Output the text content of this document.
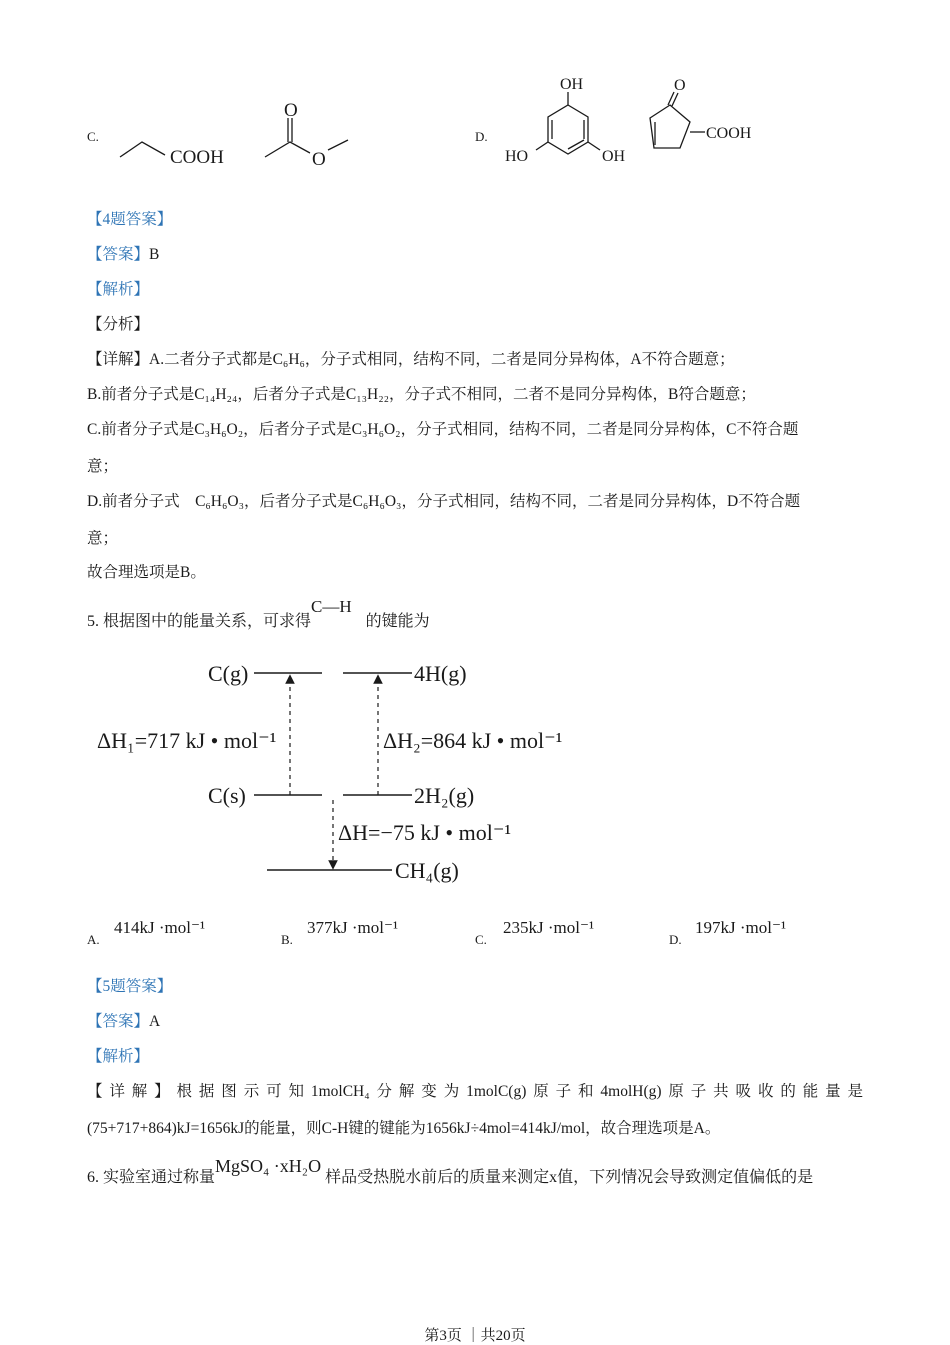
C.
COOH
O
O
D.
OH
HO	OH
O
COOH
【4题答案】
【答案】B
【解析】
【分析】
【详解】A.二者分子式都是C₆H₆，分子式相同，结构不同，二者是同分异构体，A不符合题意；
B.前者分子式是C₁₄H₂₄，后者分子式是C₁₃H₂₂，分子式不相同，二者不是同分异构体，B符合题意；
C.前者分子式是C₃H₆O₂，后者分子式是C₃H₆O₂，分子式相同，结构不同，二者是同分异构体，C不符合题
意；
D.前者分子式　C₆H₆O₃，后者分子式是C₆H₆O₃，分子式相同，结构不同，二者是同分异构体，D不符合题
意；
故合理选项是B。
5. 根据图中的能量关系，可求得C—H的键能为
C(g)	4H(g)
ΔH₁=717 kJ • mol⁻¹	ΔH₂=864 kJ • mol⁻¹
C(s)	2H₂(g)
ΔH=−75 kJ • mol⁻¹
CH₄(g)
A.
414kJ ·mol⁻¹
B.
377kJ ·mol⁻¹
C.
235kJ ·mol⁻¹
D.
197kJ ·mol⁻¹
【5题答案】
【答案】A
【解析】
【详解】根据图示可知1molCH₄分解变为1molC(g)原子和4molH(g)原子共吸收的能量是
(75+717+864)kJ=1656kJ的能量，则C-H键的键能为1656kJ÷4mol=414kJ/mol，故合理选项是A。
6. 实验室通过称量MgSO₄ ·xH₂O样品受热脱水前后的质量来测定x值，下列情况会导致测定值偏低的是
第3页 ｜共20页
